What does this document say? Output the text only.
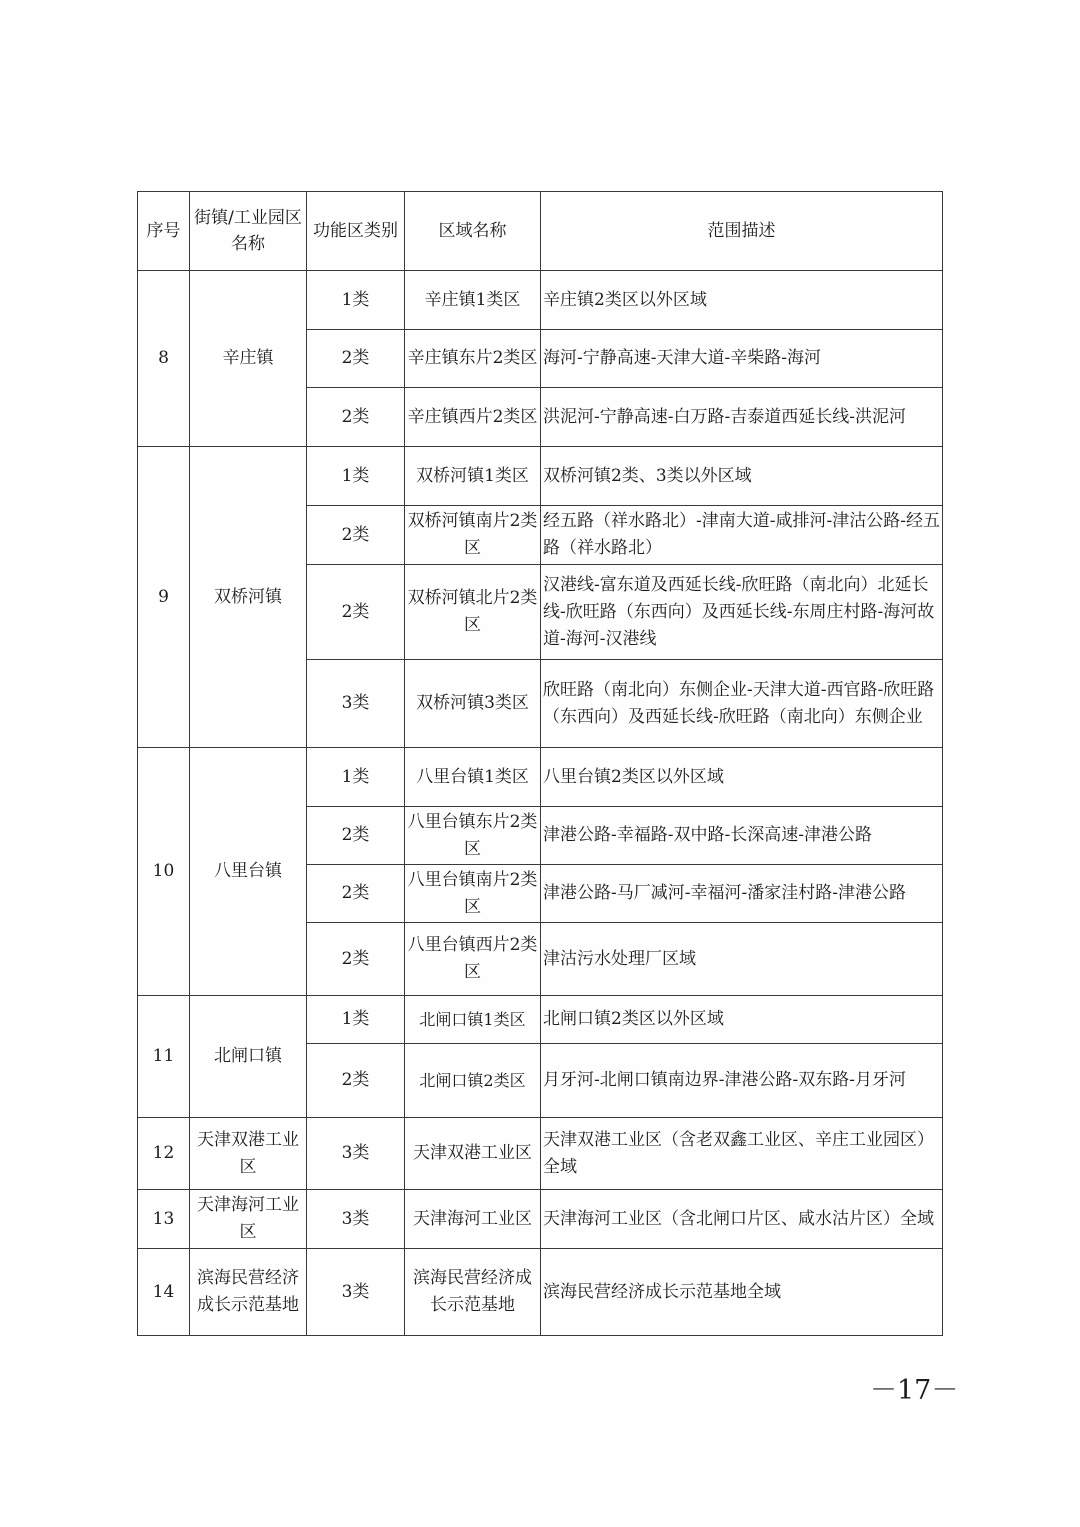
序号	街镇/工业园区名称	功能区类别	区域名称	范围描述
8	辛庄镇	1类	辛庄镇1类区	辛庄镇2类区以外区域
		2类	辛庄镇东片2类区	海河-宁静高速-天津大道-辛柴路-海河
		2类	辛庄镇西片2类区	洪泥河-宁静高速-白万路-吉泰道西延长线-洪泥河
9	双桥河镇	1类	双桥河镇1类区	双桥河镇2类、3类以外区域
		2类	双桥河镇南片2类区	经五路（祥水路北）-津南大道-咸排河-津沽公路-经五路（祥水路北）
		2类	双桥河镇北片2类区	汉港线-富东道及西延长线-欣旺路（南北向）北延长线-欣旺路（东西向）及西延长线-东周庄村路-海河故道-海河-汉港线
		3类	双桥河镇3类区	欣旺路（南北向）东侧企业-天津大道-西官路-欣旺路（东西向）及西延长线-欣旺路（南北向）东侧企业
10	八里台镇	1类	八里台镇1类区	八里台镇2类区以外区域
		2类	八里台镇东片2类区	津港公路-幸福路-双中路-长深高速-津港公路
		2类	八里台镇南片2类区	津港公路-马厂减河-幸福河-潘家洼村路-津港公路
		2类	八里台镇西片2类区	津沽污水处理厂区域
11	北闸口镇	1类	北闸口镇1类区	北闸口镇2类区以外区域
		2类	北闸口镇2类区	月牙河-北闸口镇南边界-津港公路-双东路-月牙河
12	天津双港工业区	3类	天津双港工业区	天津双港工业区（含老双鑫工业区、辛庄工业园区）全域
13	天津海河工业区	3类	天津海河工业区	天津海河工业区（含北闸口片区、咸水沽片区）全域
14	滨海民营经济成长示范基地	3类	滨海民营经济成长示范基地	滨海民营经济成长示范基地全域
－17－
